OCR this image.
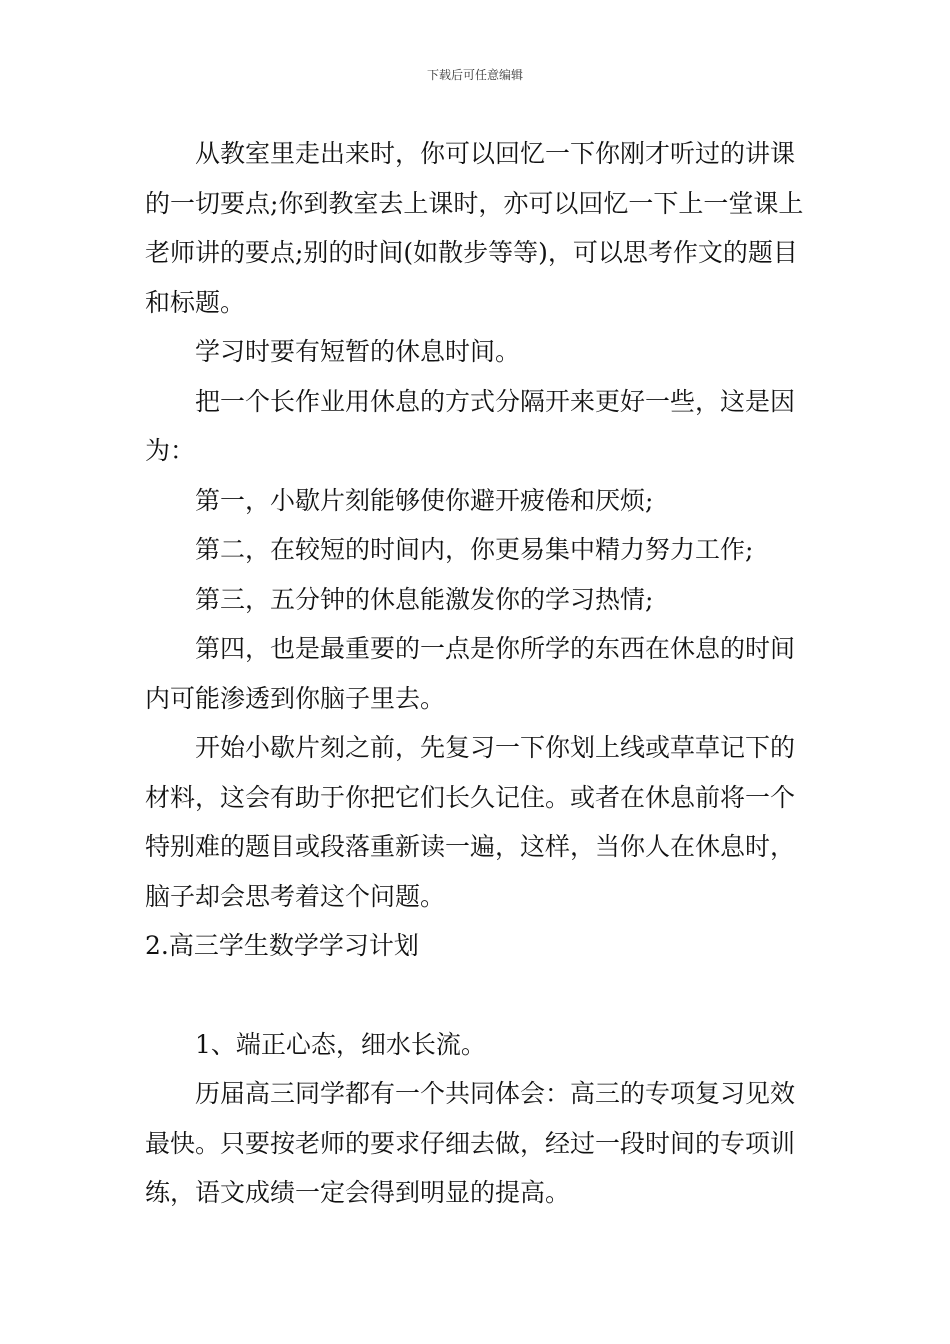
下载后可任意编辑

从教室里走出来时，你可以回忆一下你刚才听过的讲课的一切要点;你到教室去上课时，亦可以回忆一下上一堂课上老师讲的要点;别的时间(如散步等等)，可以思考作文的题目和标题。

学习时要有短暂的休息时间。

把一个长作业用休息的方式分隔开来更好一些，这是因为：

第一，小歇片刻能够使你避开疲倦和厌烦;

第二，在较短的时间内，你更易集中精力努力工作;

第三，五分钟的休息能激发你的学习热情;

第四，也是最重要的一点是你所学的东西在休息的时间内可能渗透到你脑子里去。

开始小歇片刻之前，先复习一下你划上线或草草记下的材料，这会有助于你把它们长久记住。或者在休息前将一个特别难的题目或段落重新读一遍，这样，当你人在休息时，脑子却会思考着这个问题。

2.高三学生数学学习计划

1、端正心态，细水长流。

历届高三同学都有一个共同体会：高三的专项复习见效最快。只要按老师的要求仔细去做，经过一段时间的专项训练，语文成绩一定会得到明显的提高。
